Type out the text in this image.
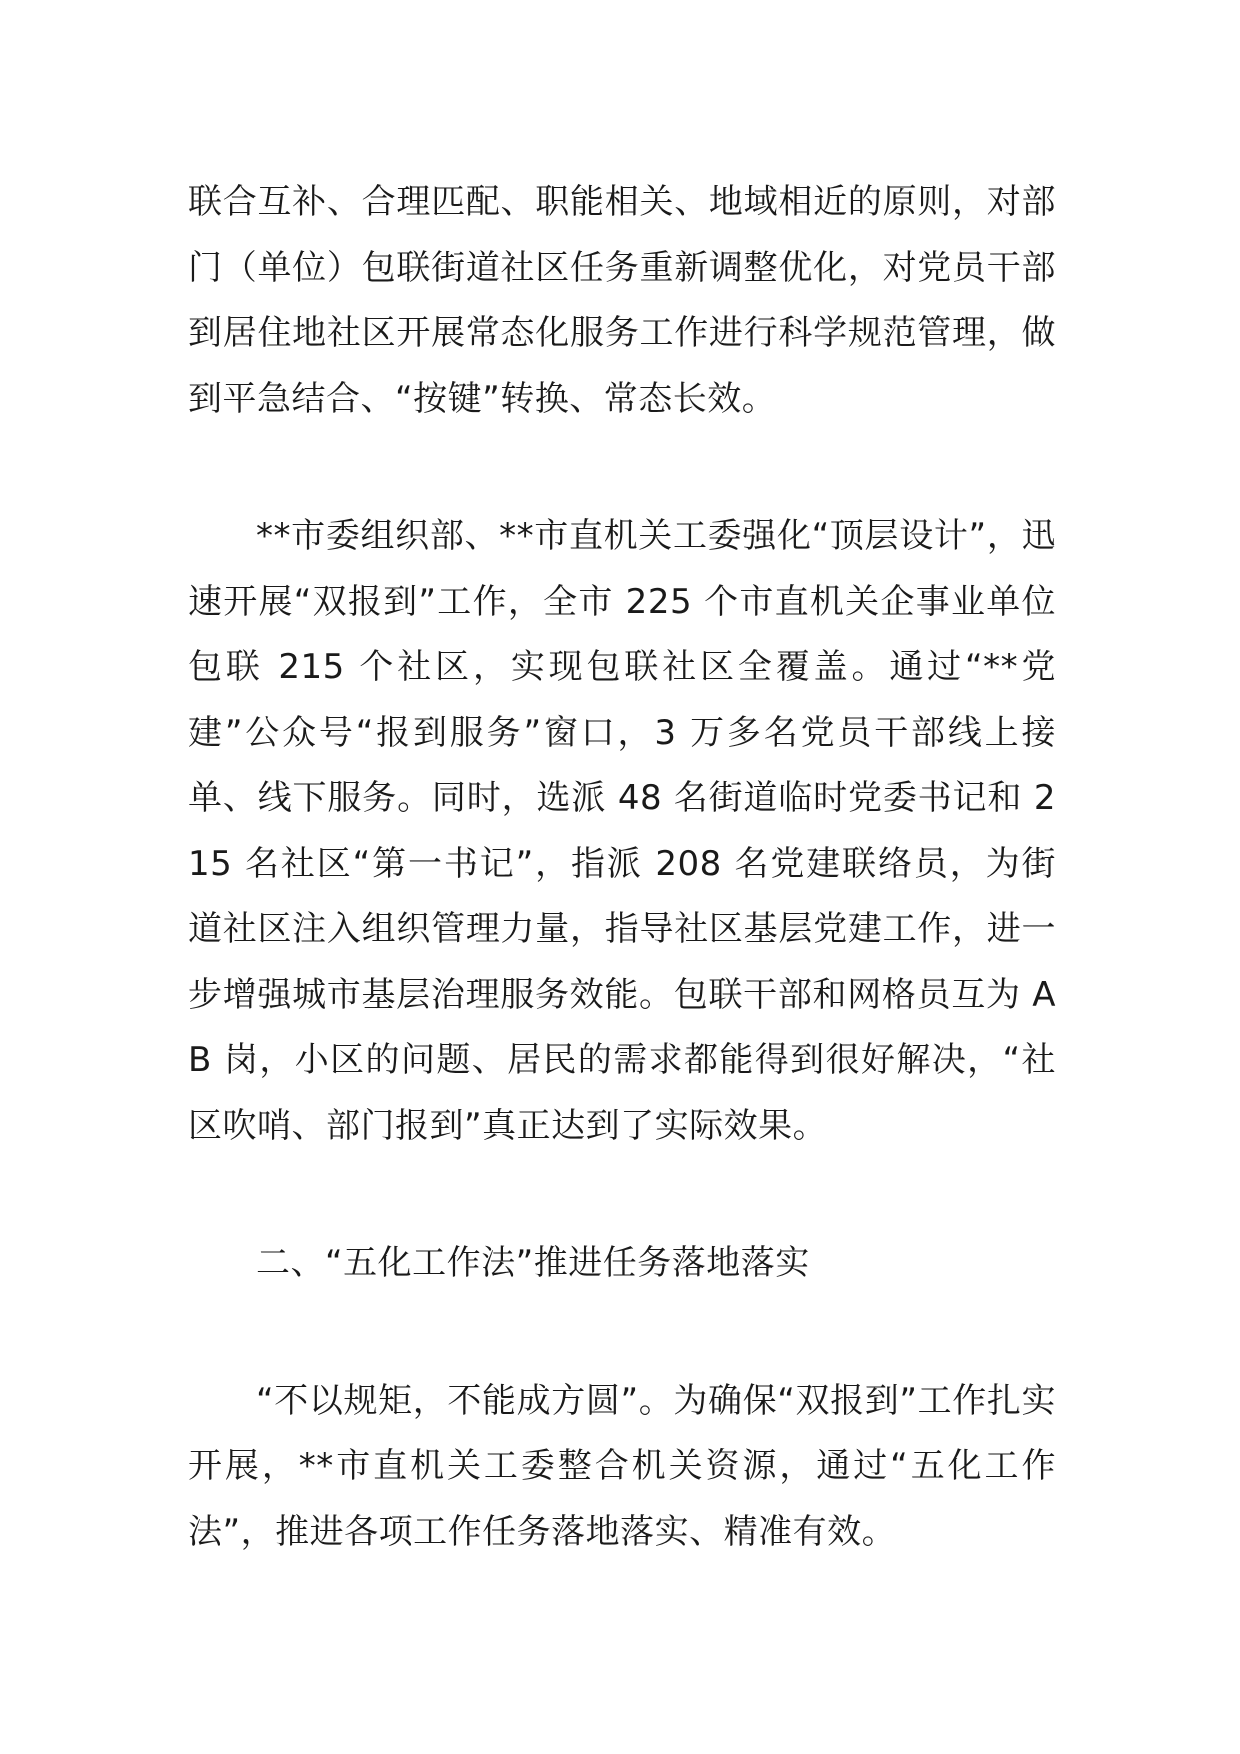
联合互补、合理匹配、职能相关、地域相近的原则，对部门（单位）包联街道社区任务重新调整优化，对党员干部到居住地社区开展常态化服务工作进行科学规范管理，做到平急结合、“按键”转换、常态长效。

**市委组织部、**市直机关工委强化“顶层设计”，迅速开展“双报到”工作，全市 225 个市直机关企事业单位包联 215 个社区，实现包联社区全覆盖。通过“**党建”公众号“报到服务”窗口，3 万多名党员干部线上接单、线下服务。同时，选派 48 名街道临时党委书记和 215 名社区“第一书记”，指派 208 名党建联络员，为街道社区注入组织管理力量，指导社区基层党建工作，进一步增强城市基层治理服务效能。包联干部和网格员互为 AB 岗，小区的问题、居民的需求都能得到很好解决，“社区吹哨、部门报到”真正达到了实际效果。

二、“五化工作法”推进任务落地落实

“不以规矩，不能成方圆”。为确保“双报到”工作扎实开展，**市直机关工委整合机关资源，通过“五化工作法”，推进各项工作任务落地落实、精准有效。
